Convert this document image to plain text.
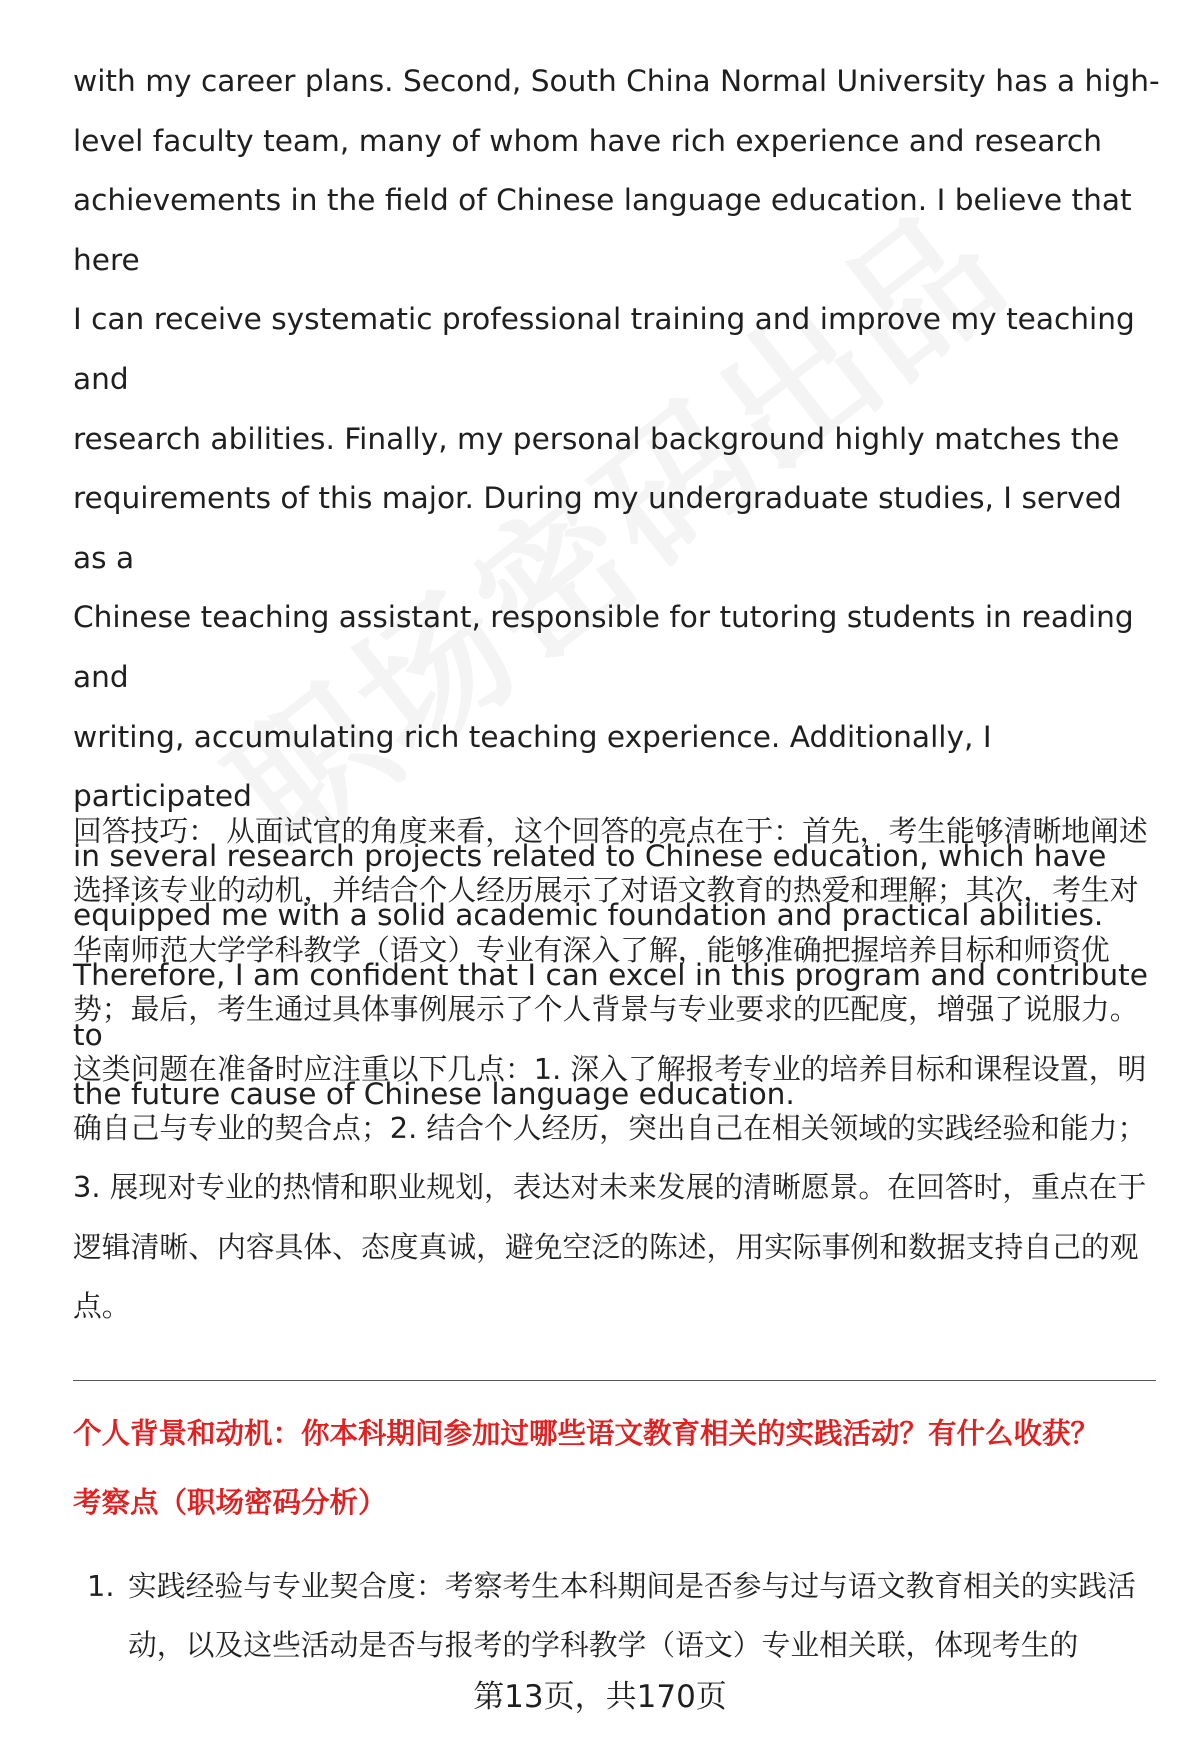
with my career plans. Second, South China Normal University has a high-
level faculty team, many of whom have rich experience and research
achievements in the field of Chinese language education. I believe that here
I can receive systematic professional training and improve my teaching and
research abilities. Finally, my personal background highly matches the
requirements of this major. During my undergraduate studies, I served as a
Chinese teaching assistant, responsible for tutoring students in reading and
writing, accumulating rich teaching experience. Additionally, I participated
in several research projects related to Chinese education, which have
equipped me with a solid academic foundation and practical abilities.
Therefore, I am confident that I can excel in this program and contribute to
the future cause of Chinese language education.
回答技巧： 从面试官的角度来看，这个回答的亮点在于：首先，考生能够清晰地阐述选择该专业的动机，并结合个人经历展示了对语文教育的热爱和理解；其次，考生对华南师范大学学科教学（语文）专业有深入了解，能够准确把握培养目标和师资优势；最后，考生通过具体事例展示了个人背景与专业要求的匹配度，增强了说服力。这类问题在准备时应注重以下几点：1. 深入了解报考专业的培养目标和课程设置，明确自己与专业的契合点；2. 结合个人经历，突出自己在相关领域的实践经验和能力；3. 展现对专业的热情和职业规划，表达对未来发展的清晰愿景。在回答时，重点在于逻辑清晰、内容具体、态度真诚，避免空泛的陈述，用实际事例和数据支持自己的观点。
个人背景和动机：你本科期间参加过哪些语文教育相关的实践活动？有什么收获？
考察点（职场密码分析）
1. 实践经验与专业契合度：考察考生本科期间是否参与过与语文教育相关的实践活动，以及这些活动是否与报考的学科教学（语文）专业相关联，体现考生的
第13页，共170页
